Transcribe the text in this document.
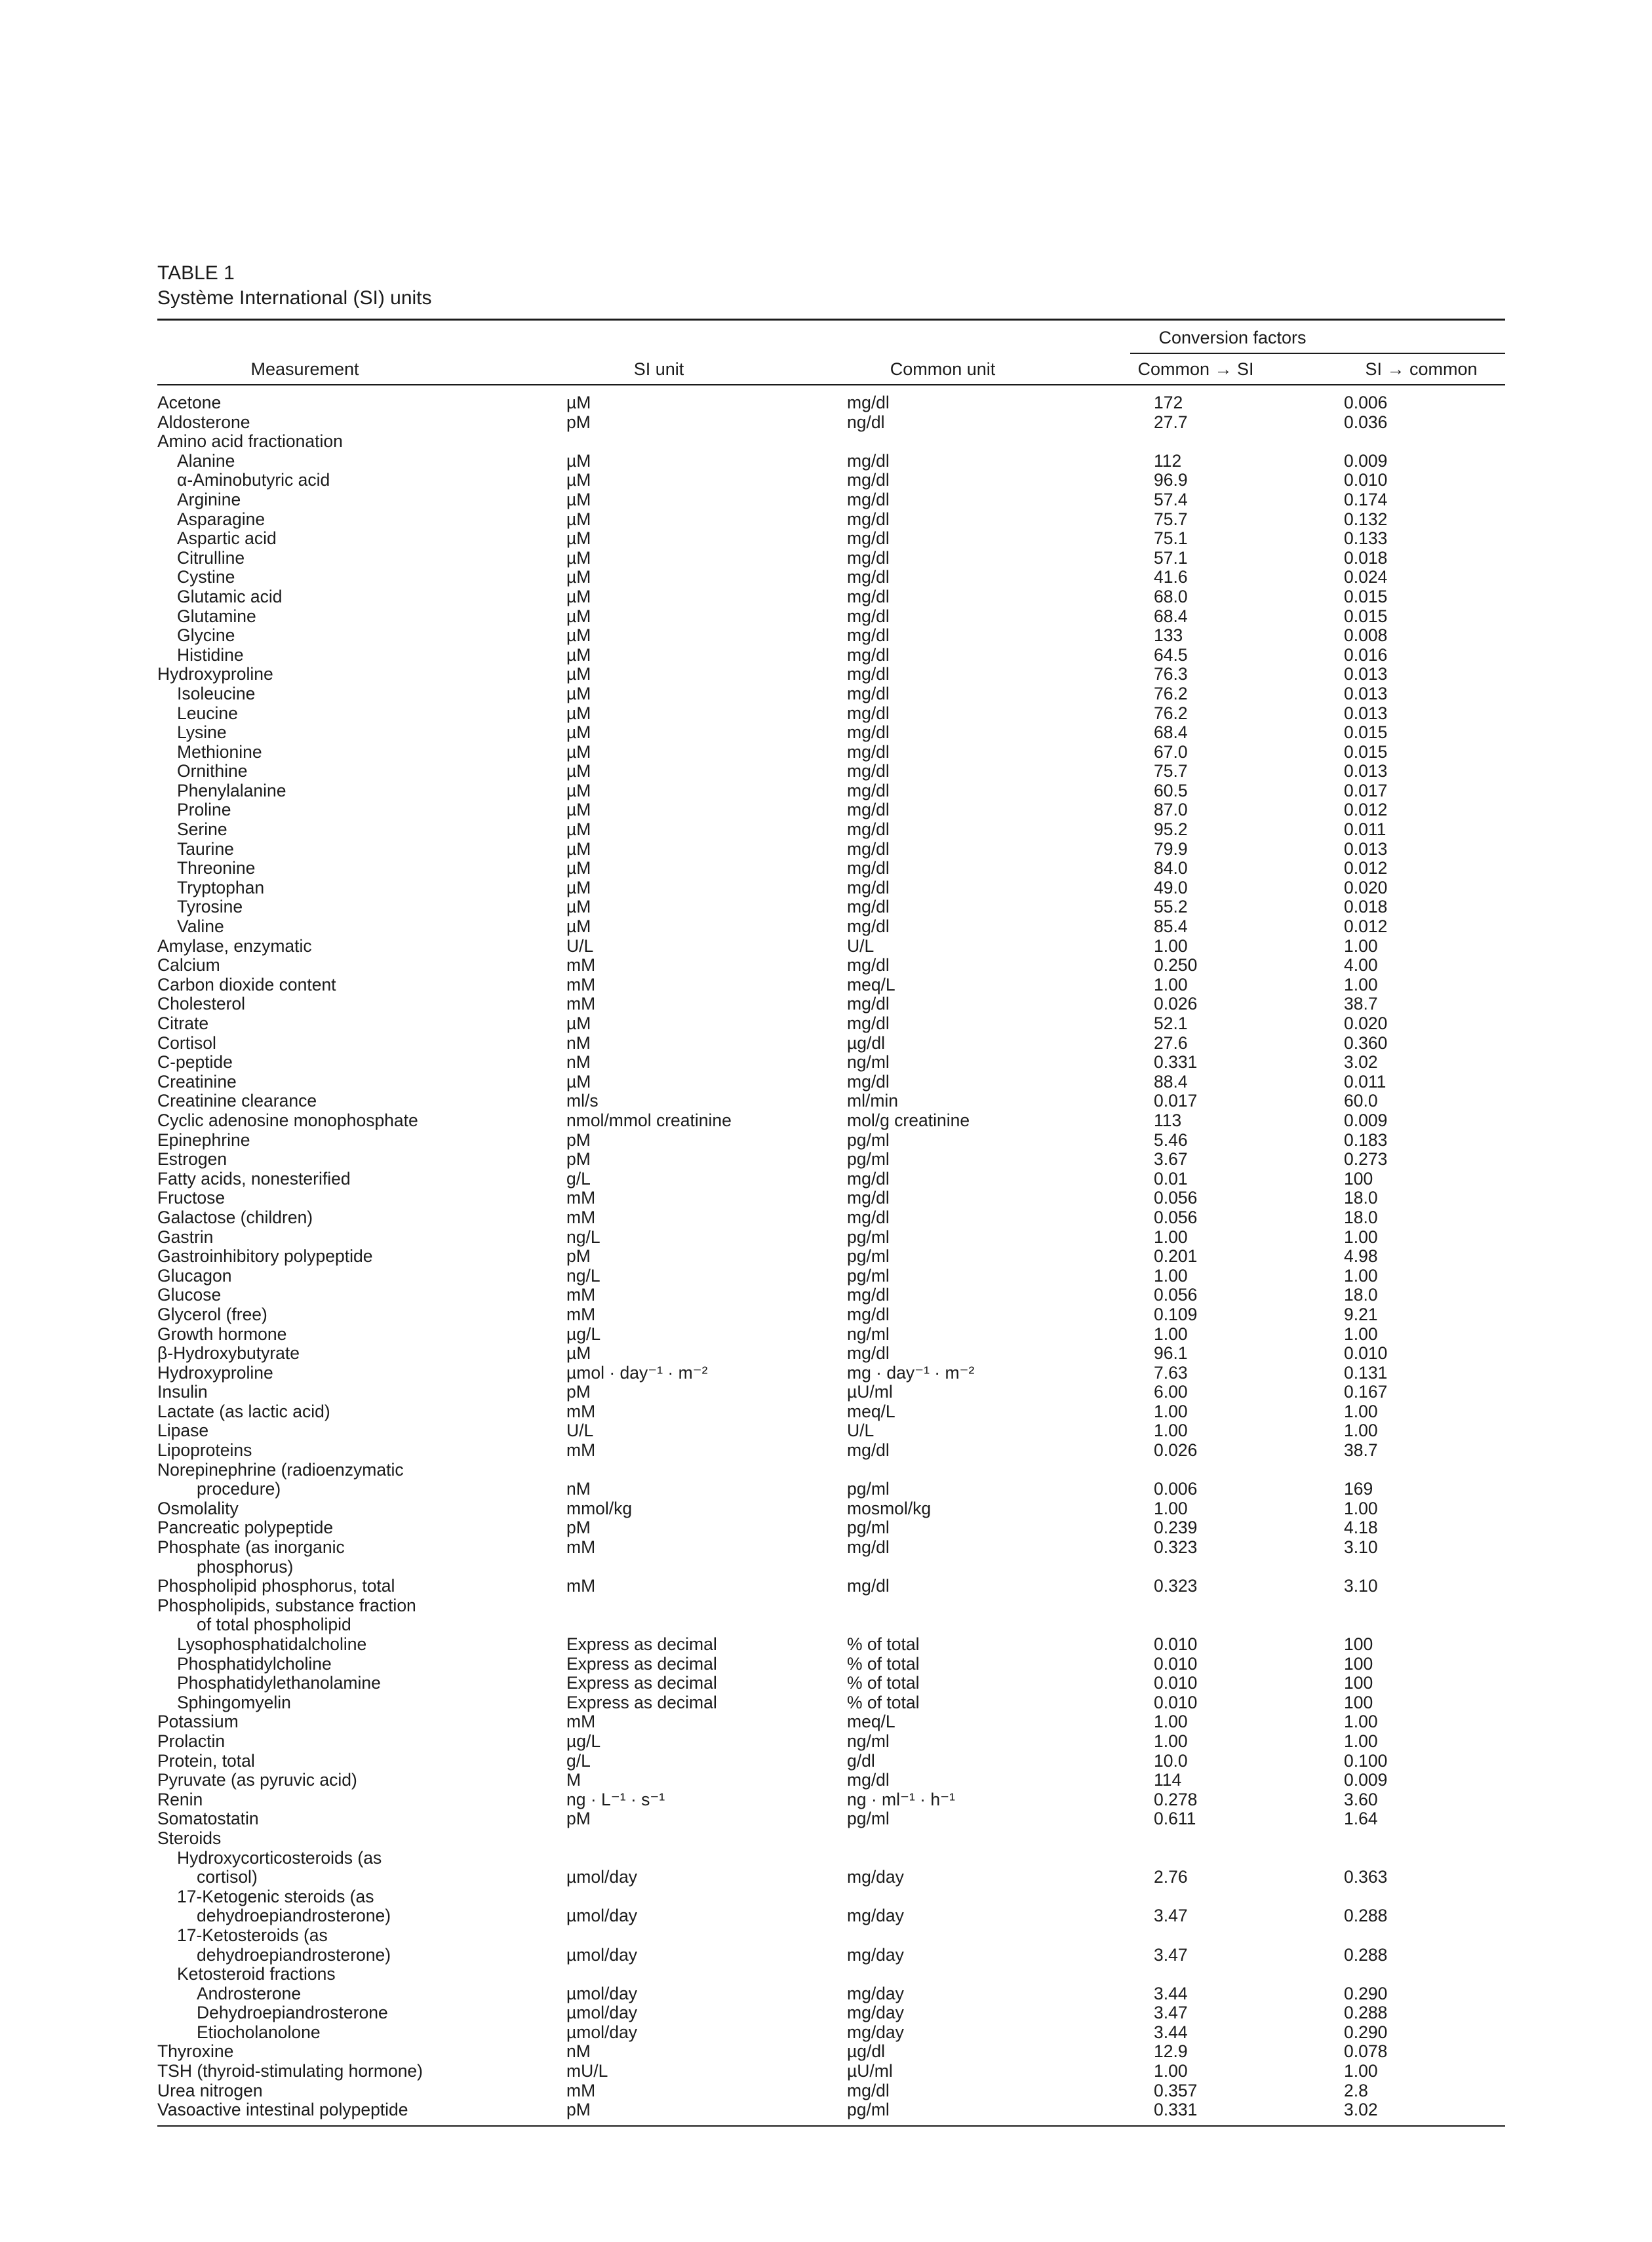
TABLE 1
Système International (SI) units
Conversion factors
Measurement	SI unit	Common unit	Common → SI	SI → common
Acetone	µM	mg/dl	172	0.006
Aldosterone	pM	ng/dl	27.7	0.036
Amino acid fractionation
Alanine	µM	mg/dl	112	0.009
α-Aminobutyric acid	µM	mg/dl	96.9	0.010
Arginine	µM	mg/dl	57.4	0.174
Asparagine	µM	mg/dl	75.7	0.132
Aspartic acid	µM	mg/dl	75.1	0.133
Citrulline	µM	mg/dl	57.1	0.018
Cystine	µM	mg/dl	41.6	0.024
Glutamic acid	µM	mg/dl	68.0	0.015
Glutamine	µM	mg/dl	68.4	0.015
Glycine	µM	mg/dl	133	0.008
Histidine	µM	mg/dl	64.5	0.016
Hydroxyproline	µM	mg/dl	76.3	0.013
Isoleucine	µM	mg/dl	76.2	0.013
Leucine	µM	mg/dl	76.2	0.013
Lysine	µM	mg/dl	68.4	0.015
Methionine	µM	mg/dl	67.0	0.015
Ornithine	µM	mg/dl	75.7	0.013
Phenylalanine	µM	mg/dl	60.5	0.017
Proline	µM	mg/dl	87.0	0.012
Serine	µM	mg/dl	95.2	0.011
Taurine	µM	mg/dl	79.9	0.013
Threonine	µM	mg/dl	84.0	0.012
Tryptophan	µM	mg/dl	49.0	0.020
Tyrosine	µM	mg/dl	55.2	0.018
Valine	µM	mg/dl	85.4	0.012
Amylase, enzymatic	U/L	U/L	1.00	1.00
Calcium	mM	mg/dl	0.250	4.00
Carbon dioxide content	mM	meq/L	1.00	1.00
Cholesterol	mM	mg/dl	0.026	38.7
Citrate	µM	mg/dl	52.1	0.020
Cortisol	nM	µg/dl	27.6	0.360
C-peptide	nM	ng/ml	0.331	3.02
Creatinine	µM	mg/dl	88.4	0.011
Creatinine clearance	ml/s	ml/min	0.017	60.0
Cyclic adenosine monophosphate	nmol/mmol creatinine	mol/g creatinine	113	0.009
Epinephrine	pM	pg/ml	5.46	0.183
Estrogen	pM	pg/ml	3.67	0.273
Fatty acids, nonesterified	g/L	mg/dl	0.01	100
Fructose	mM	mg/dl	0.056	18.0
Galactose (children)	mM	mg/dl	0.056	18.0
Gastrin	ng/L	pg/ml	1.00	1.00
Gastroinhibitory polypeptide	pM	pg/ml	0.201	4.98
Glucagon	ng/L	pg/ml	1.00	1.00
Glucose	mM	mg/dl	0.056	18.0
Glycerol (free)	mM	mg/dl	0.109	9.21
Growth hormone	µg/L	ng/ml	1.00	1.00
β-Hydroxybutyrate	µM	mg/dl	96.1	0.010
Hydroxyproline	µmol · day⁻¹ · m⁻²	mg · day⁻¹ · m⁻²	7.63	0.131
Insulin	pM	µU/ml	6.00	0.167
Lactate (as lactic acid)	mM	meq/L	1.00	1.00
Lipase	U/L	U/L	1.00	1.00
Lipoproteins	mM	mg/dl	0.026	38.7
Norepinephrine (radioenzymatic
procedure)	nM	pg/ml	0.006	169
Osmolality	mmol/kg	mosmol/kg	1.00	1.00
Pancreatic polypeptide	pM	pg/ml	0.239	4.18
Phosphate (as inorganic	mM	mg/dl	0.323	3.10
phosphorus)
Phospholipid phosphorus, total	mM	mg/dl	0.323	3.10
Phospholipids, substance fraction
of total phospholipid
Lysophosphatidalcholine	Express as decimal	% of total	0.010	100
Phosphatidylcholine	Express as decimal	% of total	0.010	100
Phosphatidylethanolamine	Express as decimal	% of total	0.010	100
Sphingomyelin	Express as decimal	% of total	0.010	100
Potassium	mM	meq/L	1.00	1.00
Prolactin	µg/L	ng/ml	1.00	1.00
Protein, total	g/L	g/dl	10.0	0.100
Pyruvate (as pyruvic acid)	M	mg/dl	114	0.009
Renin	ng · L⁻¹ · s⁻¹	ng · ml⁻¹ · h⁻¹	0.278	3.60
Somatostatin	pM	pg/ml	0.611	1.64
Steroids
Hydroxycorticosteroids (as
cortisol)	µmol/day	mg/day	2.76	0.363
17-Ketogenic steroids (as
dehydroepiandrosterone)	µmol/day	mg/day	3.47	0.288
17-Ketosteroids (as
dehydroepiandrosterone)	µmol/day	mg/day	3.47	0.288
Ketosteroid fractions
Androsterone	µmol/day	mg/day	3.44	0.290
Dehydroepiandrosterone	µmol/day	mg/day	3.47	0.288
Etiocholanolone	µmol/day	mg/day	3.44	0.290
Thyroxine	nM	µg/dl	12.9	0.078
TSH (thyroid-stimulating hormone)	mU/L	µU/ml	1.00	1.00
Urea nitrogen	mM	mg/dl	0.357	2.8
Vasoactive intestinal polypeptide	pM	pg/ml	0.331	3.02
